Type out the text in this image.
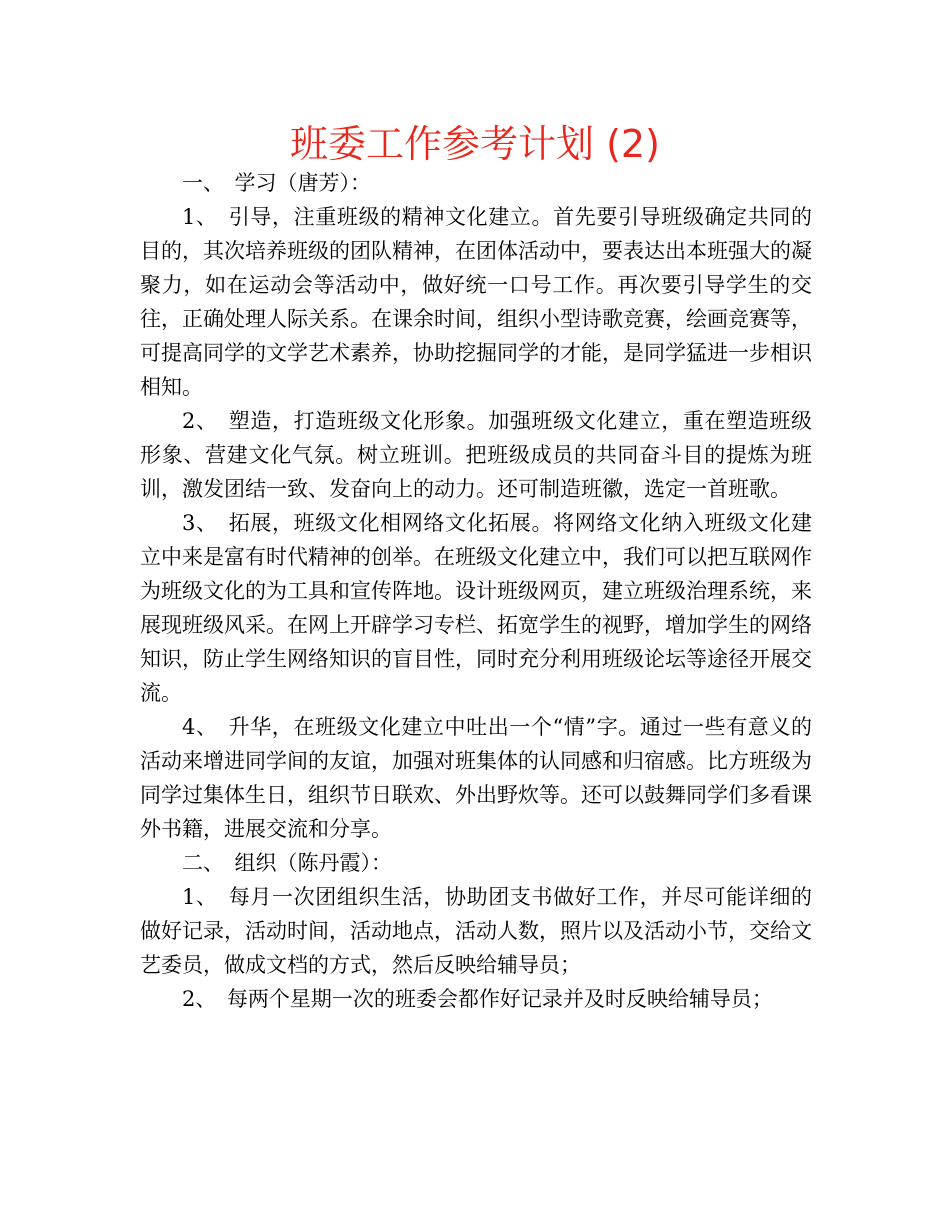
班委工作参考计划 (2)

一、　学习（唐芳）：

1、　引导，注重班级的精神文化建立。首先要引导班级确定共同的目的，其次培养班级的团队精神，在团体活动中，要表达出本班强大的凝聚力，如在运动会等活动中，做好统一口号工作。再次要引导学生的交往，正确处理人际关系。在课余时间，组织小型诗歌竞赛，绘画竞赛等，可提高同学的文学艺术素养，协助挖掘同学的才能，是同学猛进一步相识相知。

2、　塑造，打造班级文化形象。加强班级文化建立，重在塑造班级形象、营建文化气氛。树立班训。把班级成员的共同奋斗目的提炼为班训，激发团结一致、发奋向上的动力。还可制造班徽，选定一首班歌。

3、　拓展，班级文化相网络文化拓展。将网络文化纳入班级文化建立中来是富有时代精神的创举。在班级文化建立中，我们可以把互联网作为班级文化的为工具和宣传阵地。设计班级网页，建立班级治理系统，来展现班级风采。在网上开辟学习专栏、拓宽学生的视野，增加学生的网络知识，防止学生网络知识的盲目性，同时充分利用班级论坛等途径开展交流。

4、　升华，在班级文化建立中吐出一个“情”字。通过一些有意义的活动来增进同学间的友谊，加强对班集体的认同感和归宿感。比方班级为同学过集体生日，组织节日联欢、外出野炊等。还可以鼓舞同学们多看课外书籍，进展交流和分享。

二、　组织（陈丹霞）：

1、　每月一次团组织生活，协助团支书做好工作，并尽可能详细的做好记录，活动时间，活动地点，活动人数，照片以及活动小节，交给文艺委员，做成文档的方式，然后反映给辅导员；

2、　每两个星期一次的班委会都作好记录并及时反映给辅导员；
